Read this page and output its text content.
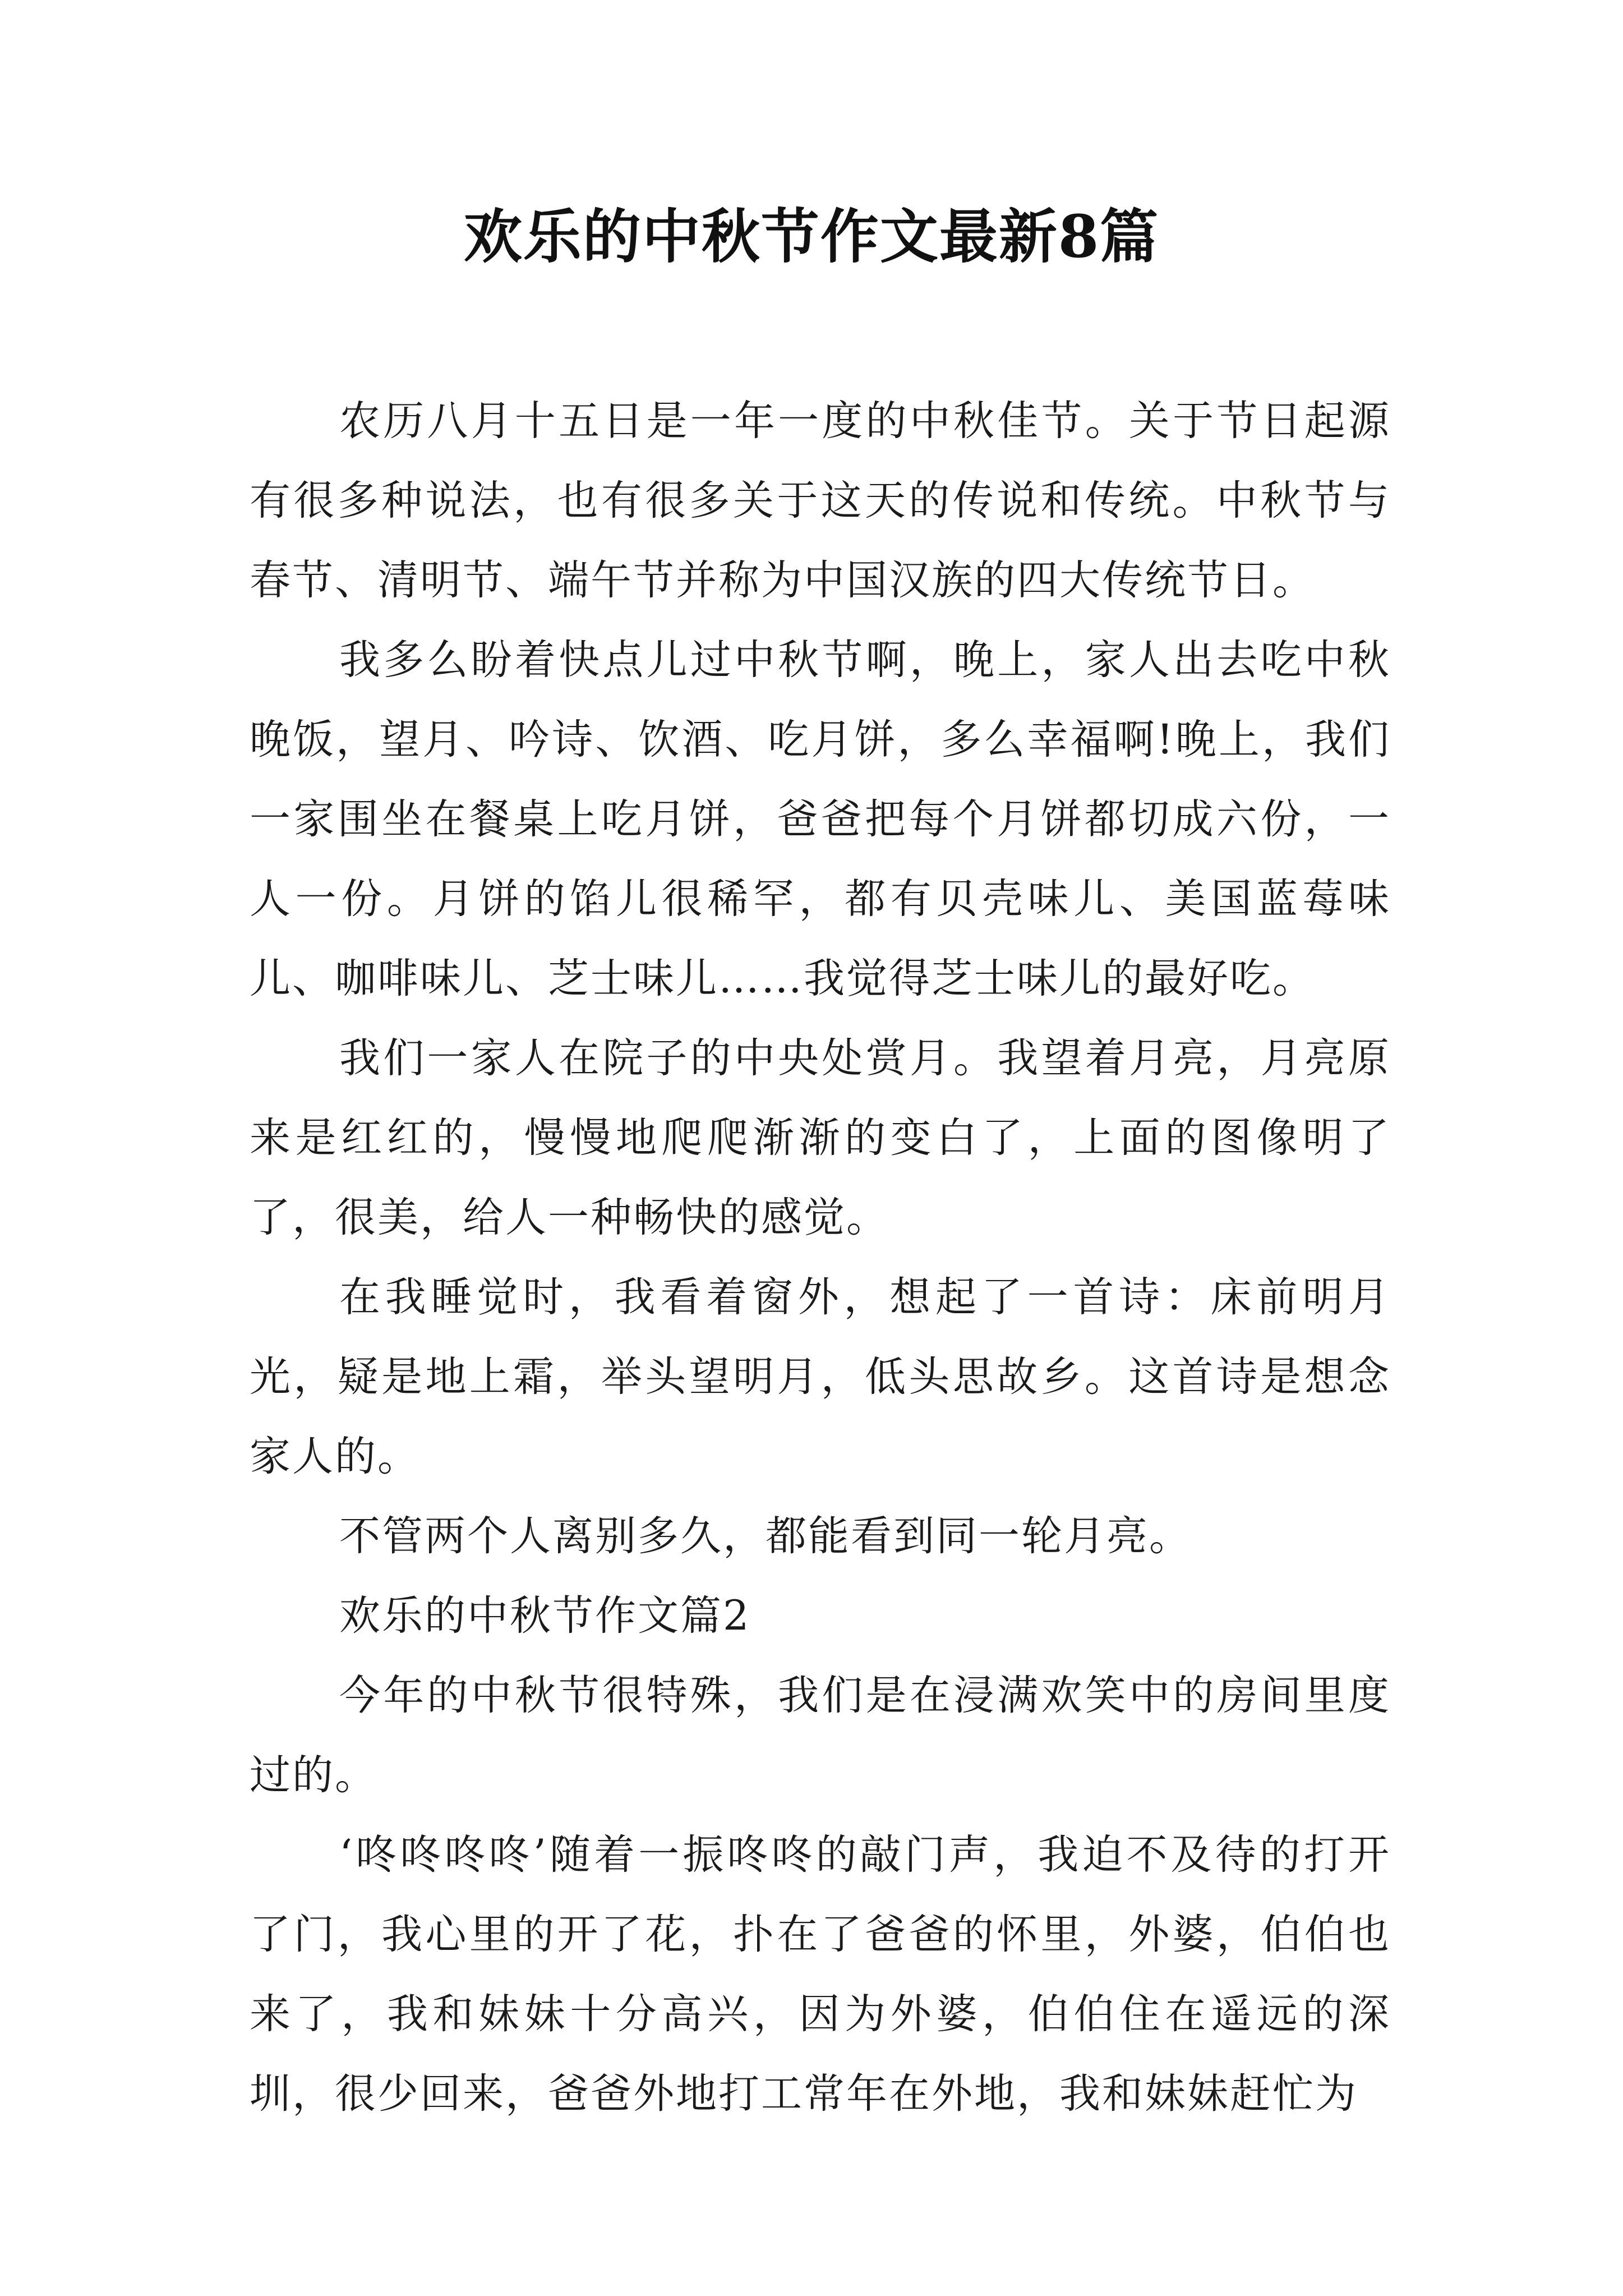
欢乐的中秋节作文最新8篇

农历八月十五日是一年一度的中秋佳节。关于节日起源有很多种说法，也有很多关于这天的传说和传统。中秋节与春节、清明节、端午节并称为中国汉族的四大传统节日。

我多么盼着快点儿过中秋节啊，晚上，家人出去吃中秋晚饭，望月、吟诗、饮酒、吃月饼，多么幸福啊!晚上，我们一家围坐在餐桌上吃月饼，爸爸把每个月饼都切成六份，一人一份。月饼的馅儿很稀罕，都有贝壳味儿、美国蓝莓味儿、咖啡味儿、芝士味儿……我觉得芝士味儿的最好吃。

我们一家人在院子的中央处赏月。我望着月亮，月亮原来是红红的，慢慢地爬爬渐渐的变白了，上面的图像明了了，很美，给人一种畅快的感觉。

在我睡觉时，我看着窗外，想起了一首诗：床前明月光，疑是地上霜，举头望明月，低头思故乡。这首诗是想念家人的。

不管两个人离别多久，都能看到同一轮月亮。

欢乐的中秋节作文篇2

今年的中秋节很特殊，我们是在浸满欢笑中的房间里度过的。

‘咚咚咚咚’随着一振咚咚的敲门声，我迫不及待的打开了门，我心里的开了花，扑在了爸爸的怀里，外婆，伯伯也来了，我和妹妹十分高兴，因为外婆，伯伯住在遥远的深圳，很少回来，爸爸外地打工常年在外地，我和妹妹赶忙为
